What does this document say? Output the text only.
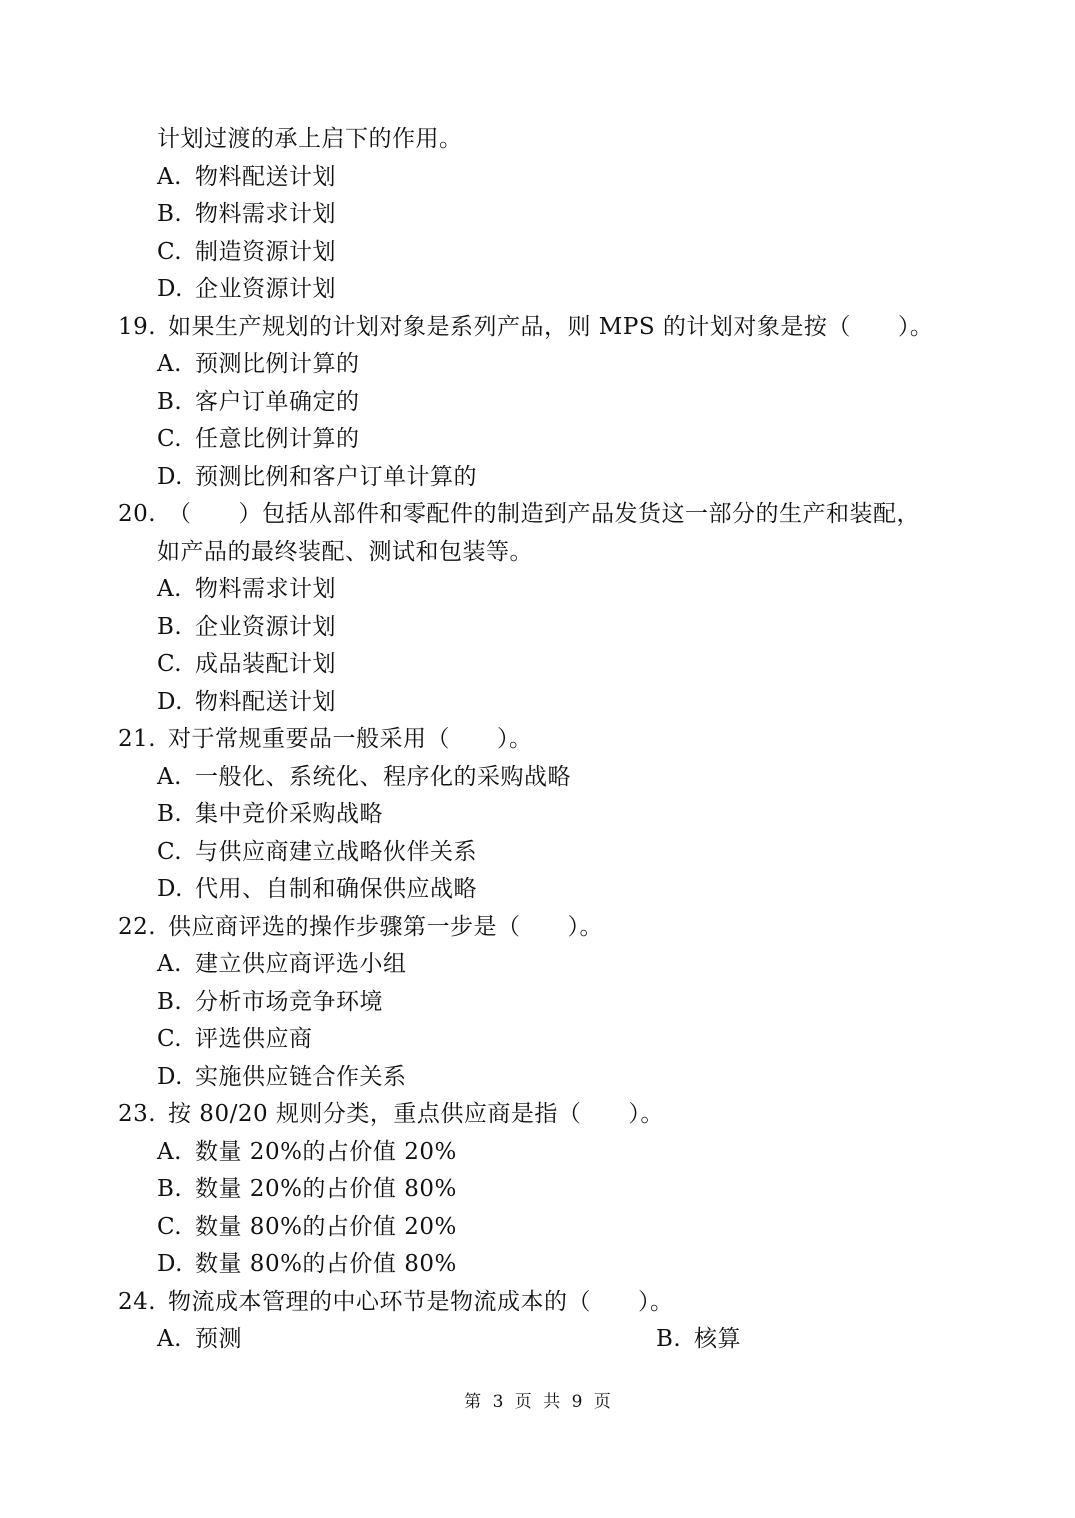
计划过渡的承上启下的作用。
A. 物料配送计划
B. 物料需求计划
C. 制造资源计划
D. 企业资源计划
19. 如果生产规划的计划对象是系列产品，则 MPS 的计划对象是按（　　）。
A. 预测比例计算的
B. 客户订单确定的
C. 任意比例计算的
D. 预测比例和客户订单计算的
20. （　　）包括从部件和零配件的制造到产品发货这一部分的生产和装配，
如产品的最终装配、测试和包装等。
A. 物料需求计划
B. 企业资源计划
C. 成品装配计划
D. 物料配送计划
21. 对于常规重要品一般采用（　　）。
A. 一般化、系统化、程序化的采购战略
B. 集中竞价采购战略
C. 与供应商建立战略伙伴关系
D. 代用、自制和确保供应战略
22. 供应商评选的操作步骤第一步是（　　）。
A. 建立供应商评选小组
B. 分析市场竞争环境
C. 评选供应商
D. 实施供应链合作关系
23. 按 80/20 规则分类，重点供应商是指（　　）。
A. 数量 20%的占价值 20%
B. 数量 20%的占价值 80%
C. 数量 80%的占价值 20%
D. 数量 80%的占价值 80%
24. 物流成本管理的中心环节是物流成本的（　　）。
A. 预测	B. 核算
第 3 页 共 9 页
